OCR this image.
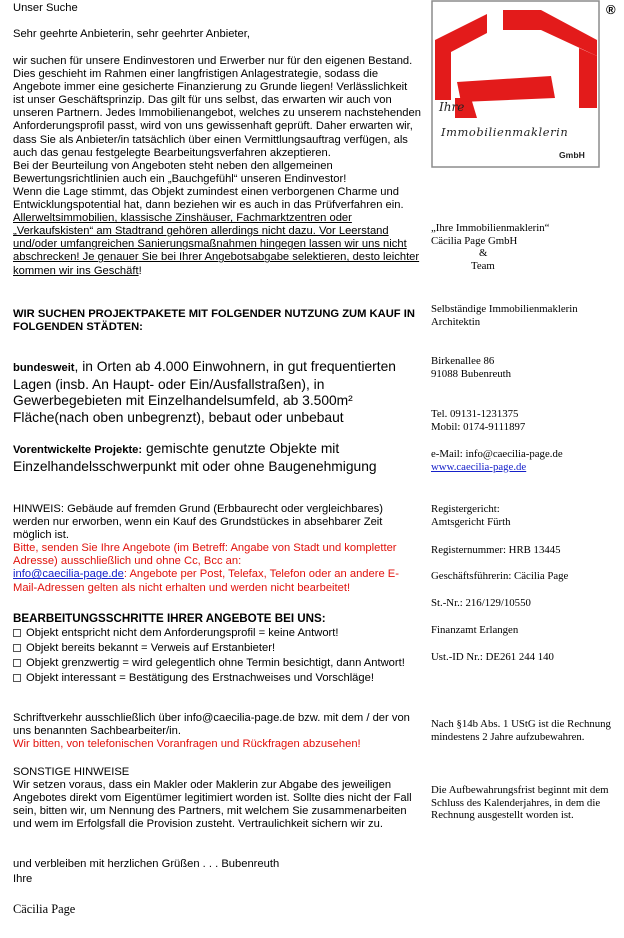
Unser Suche
Sehr geehrte Anbieterin, sehr geehrter Anbieter,

wir suchen für unsere Endinvestoren und Erwerber nur für den eigenen Bestand. Dies geschieht im Rahmen einer langfristigen Anlagestrategie, sodass die Angebote immer eine gesicherte Finanzierung zu Grunde liegen! Verlässlichkeit ist unser Geschäftsprinzip. Das gilt für uns selbst, das erwarten wir auch von unseren Partnern. Jedes Immobilienangebot, welches zu unserem nachstehenden Anforderungsprofil passt, wird von uns gewissenhaft geprüft. Daher erwarten wir, dass Sie als Anbieter/in tatsächlich über einen Vermittlungsauftrag verfügen, als auch das genau festgelegte Bearbeitungsverfahren akzeptieren.

Bei der Beurteilung von Angeboten steht neben den allgemeinen Bewertungsrichtlinien auch ein „Bauchgefühl“ unseren Endinvestor!

Wenn die Lage stimmt, das Objekt zumindest einen verborgenen Charme und Entwicklungspotential hat, dann beziehen wir es auch in das Prüfverfahren ein.

Allerweltsimmobilien, klassische Zinshäuser, Fachmarktzentren oder „Verkaufskisten“ am Stadtrand gehören allerdings nicht dazu. Vor Leerstand und/oder umfangreichen Sanierungsmaßnahmen hingegen lassen wir uns nicht abschrecken! Je genauer Sie bei Ihrer Angebotsabgabe selektieren, desto leichter kommen wir ins Geschäft!

WIR SUCHEN PROJEKTPAKETE MIT FOLGENDER NUTZUNG ZUM KAUF IN FOLGENDEN STÄDTEN:
bundesweit, in Orten ab 4.000 Einwohnern, in gut frequentierten Lagen (insb. An Haupt- oder Ein/Ausfallstraßen), in Gewerbegebieten mit Einzelhandelsumfeld, ab 3.500m² Fläche(nach oben unbegrenzt), bebaut oder unbebaut
Vorentwickelte Projekte: gemischte genutzte Objekte mit Einzelhandelsschwerpunkt mit oder ohne Baugenehmigung

HINWEIS: Gebäude auf fremden Grund (Erbbaurecht oder vergleichbares) werden nur erworben, wenn ein Kauf des Grundstückes in absehbarer Zeit möglich ist.

Bitte, senden Sie Ihre Angebote (im Betreff: Angabe von Stadt und kompletter Adresse) ausschließlich und ohne Cc, Bcc an:

info@caecilia-page.de: Angebote per Post, Telefax, Telefon oder an andere E-Mail-Adressen gelten als nicht erhalten und werden nicht bearbeitet!

BEARBEITUNGSSCHRITTE IHRER ANGEBOTE BEI UNS:

Objekt entspricht nicht dem Anforderungsprofil = keine Antwort!
Objekt bereits bekannt = Verweis auf Erstanbieter!
Objekt grenzwertig = wird gelegentlich ohne Termin besichtigt, dann Antwort!
Objekt interessant = Bestätigung des Erstnachweises und Vorschläge!

Schriftverkehr ausschließlich über info@caecilia-page.de bzw. mit dem / der von uns benannten Sachbearbeiter/in.

Wir bitten, von telefonischen Voranfragen und Rückfragen abzusehen!

SONSTIGE HINWEISE

Wir setzen voraus, dass ein Makler oder Maklerin zur Abgabe des jeweiligen Angebotes direkt vom Eigentümer legitimiert worden ist. Sollte dies nicht der Fall sein, bitten wir, um Nennung des Partners, mit welchem Sie zusammenarbeiten und wem im Erfolgsfall die Provision zusteht. Vertraulichkeit sichern wir zu.

und verbleiben mit herzlichen Grüßen . . . Bubenreuth
Ihre
Cäcilia Page
Ihre
Immobilienmaklerin
GmbH
®

„Ihre Immobilienmaklerin“

Cäcilia Page GmbH

&

Team

Selbständige Immobilienmaklerin

Architektin

Birkenallee 86

91088 Bubenreuth

Tel. 09131-1231375

Mobil: 0174-9111897

e-Mail: info@caecilia-page.de

www.caecilia-page.de

Registergericht:

Amtsgericht Fürth

Registernummer: HRB 13445
Geschäftsführerin: Cäcilia Page
St.-Nr.: 216/129/10550
Finanzamt Erlangen
Ust.-ID Nr.: DE261 244 140
Nach §14b Abs. 1 UStG ist die Rechnung mindestens 2 Jahre aufzubewahren.
Die Aufbewahrungsfrist beginnt mit dem Schluss des Kalenderjahres, in dem die Rechnung ausgestellt worden ist.
